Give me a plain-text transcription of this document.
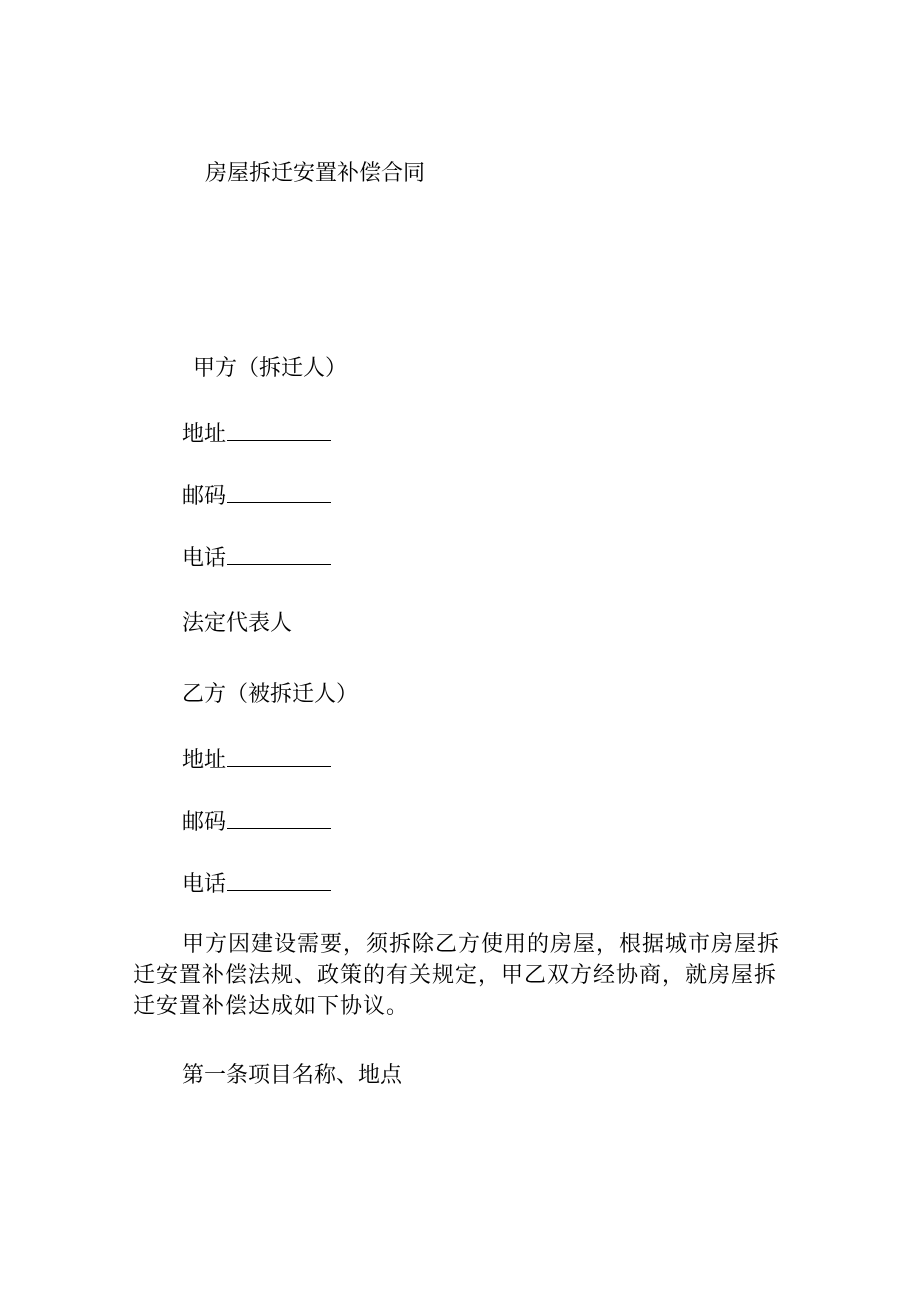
房屋拆迁安置补偿合同
甲方（拆迁人）
地址
邮码
电话
法定代表人
乙方（被拆迁人）
地址
邮码
电话
甲方因建设需要，须拆除乙方使用的房屋，根据城市房屋拆迁安置补偿法规、政策的有关规定，甲乙双方经协商，就房屋拆迁安置补偿达成如下协议。
第一条项目名称、地点
